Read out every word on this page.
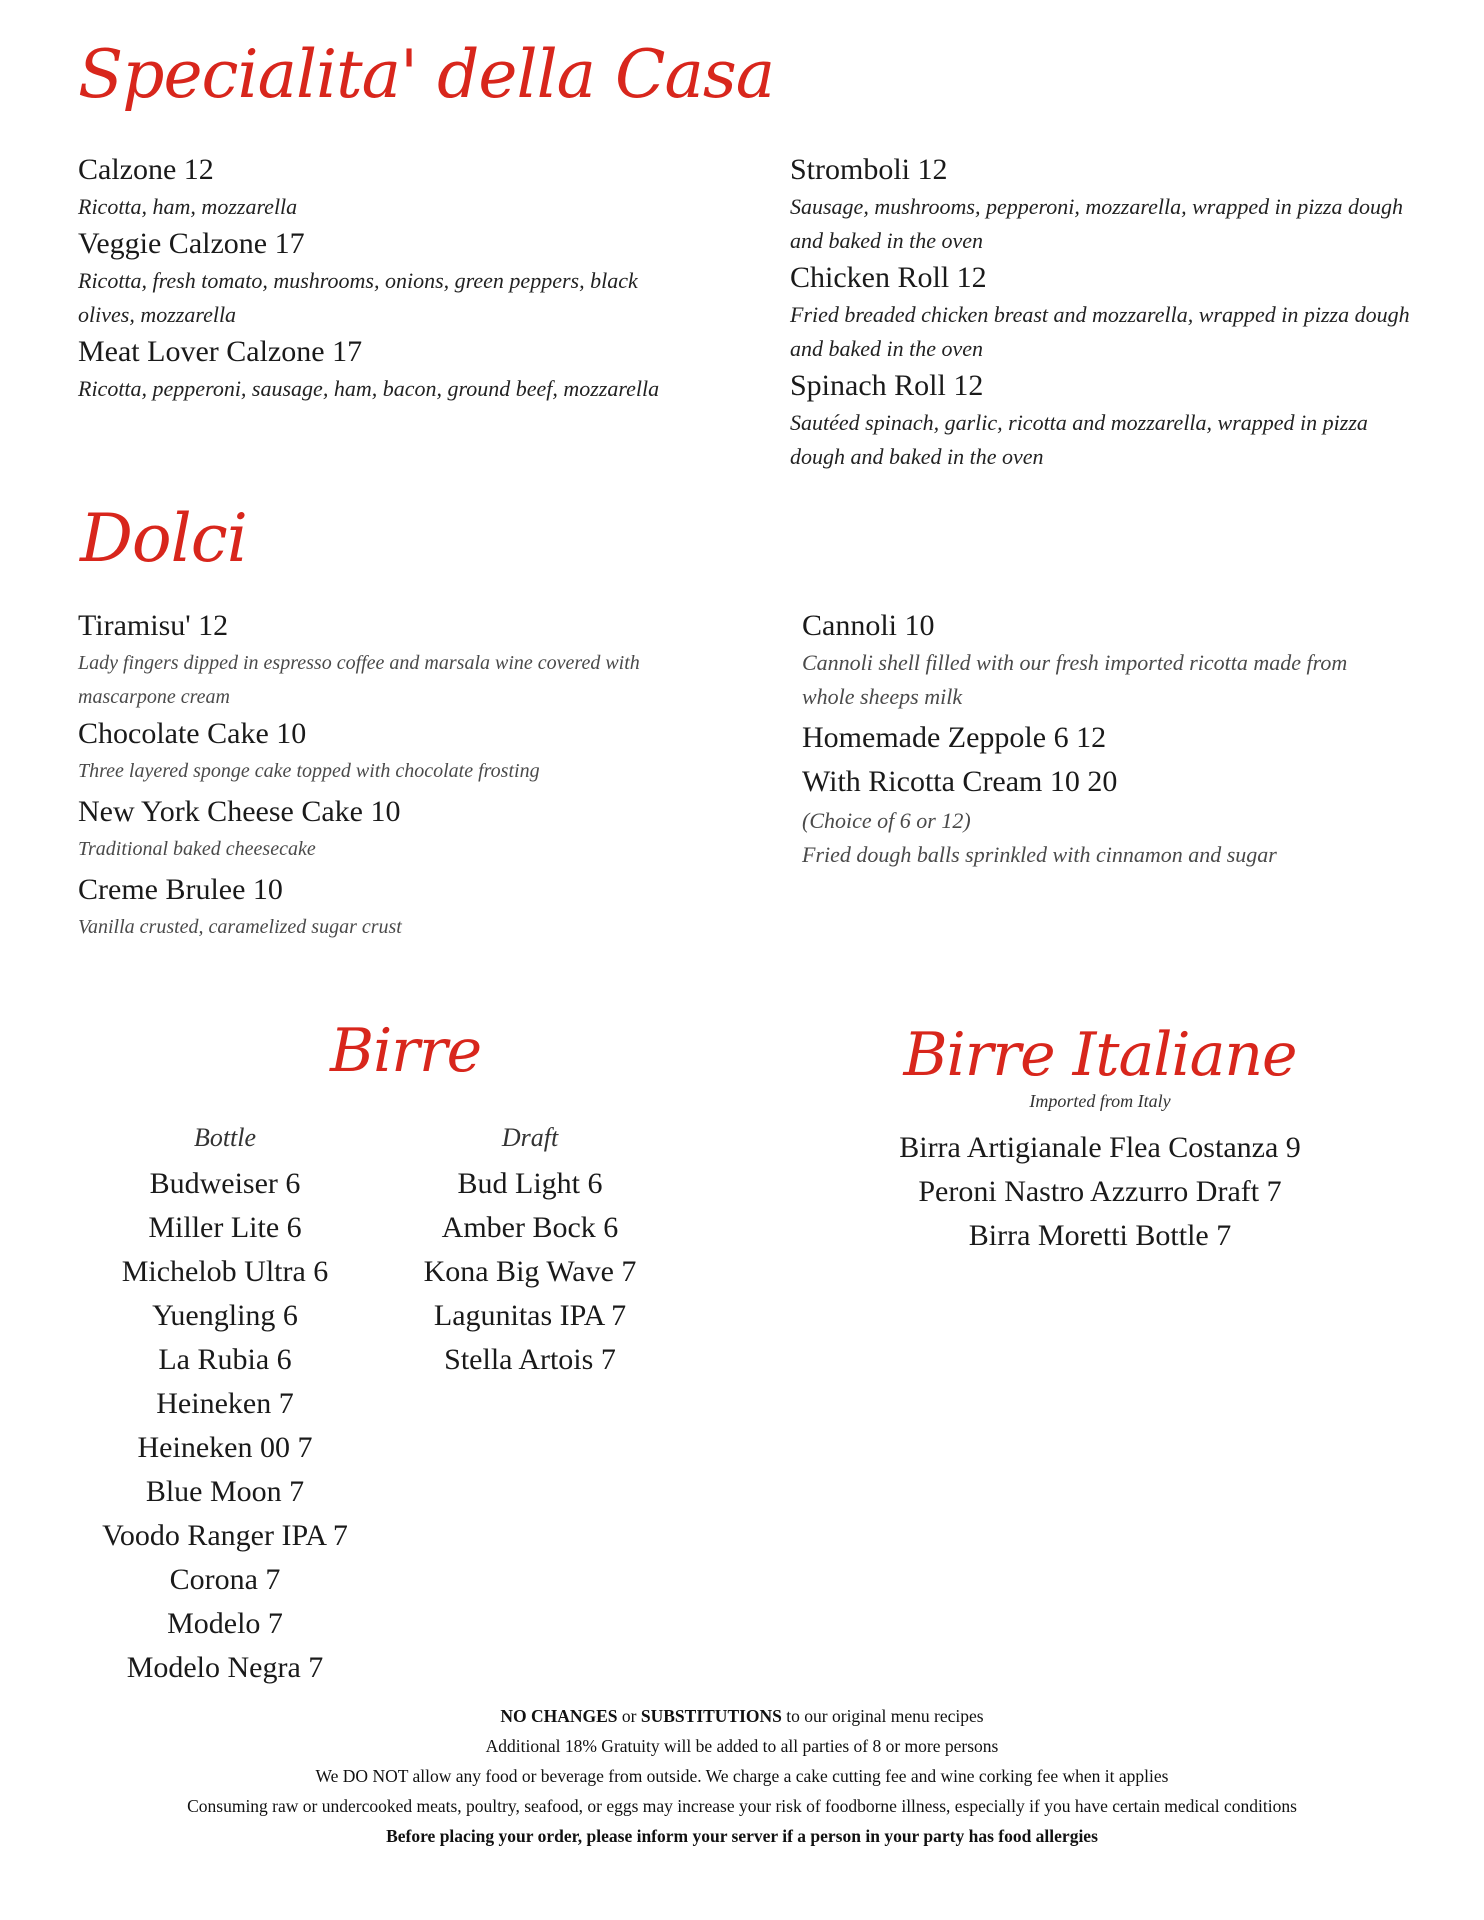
Specialita' della Casa
Calzone 12
Ricotta, ham, mozzarella
Veggie Calzone 17
Ricotta, fresh tomato, mushrooms, onions, green peppers, black olives, mozzarella
Meat Lover Calzone 17
Ricotta, pepperoni, sausage, ham, bacon, ground beef, mozzarella
Stromboli 12
Sausage, mushrooms, pepperoni, mozzarella, wrapped in pizza dough and baked in the oven
Chicken Roll 12
Fried breaded chicken breast and mozzarella, wrapped in pizza dough and baked in the oven
Spinach Roll 12
Sautéed spinach, garlic, ricotta and mozzarella, wrapped in pizza dough and baked in the oven
Dolci
Tiramisu' 12
Lady fingers dipped in espresso coffee and marsala wine covered with mascarpone cream
Chocolate Cake 10
Three layered sponge cake topped with chocolate frosting
New York Cheese Cake 10
Traditional baked cheesecake
Creme Brulee 10
Vanilla crusted, caramelized sugar crust
Cannoli 10
Cannoli shell filled with our fresh imported ricotta made from whole sheeps milk
Homemade Zeppole 6 12
With Ricotta Cream 10 20
(Choice of 6 or 12)
Fried dough balls sprinkled with cinnamon and sugar
Birre
Bottle
Budweiser 6
Miller Lite 6
Michelob Ultra 6
Yuengling 6
La Rubia 6
Heineken 7
Heineken 00 7
Blue Moon 7
Voodo Ranger IPA 7
Corona 7
Modelo 7
Modelo Negra 7
Draft
Bud Light 6
Amber Bock 6
Kona Big Wave 7
Lagunitas IPA 7
Stella Artois 7
Birre Italiane
Imported from Italy
Birra Artigianale Flea Costanza 9
Peroni Nastro Azzurro Draft 7
Birra Moretti Bottle 7
NO CHANGES or SUBSTITUTIONS to our original menu recipes
Additional 18% Gratuity will be added to all parties of 8 or more persons
We DO NOT allow any food or beverage from outside. We charge a cake cutting fee and wine corking fee when it applies
Consuming raw or undercooked meats, poultry, seafood, or eggs may increase your risk of foodborne illness, especially if you have certain medical conditions
Before placing your order, please inform your server if a person in your party has food allergies
